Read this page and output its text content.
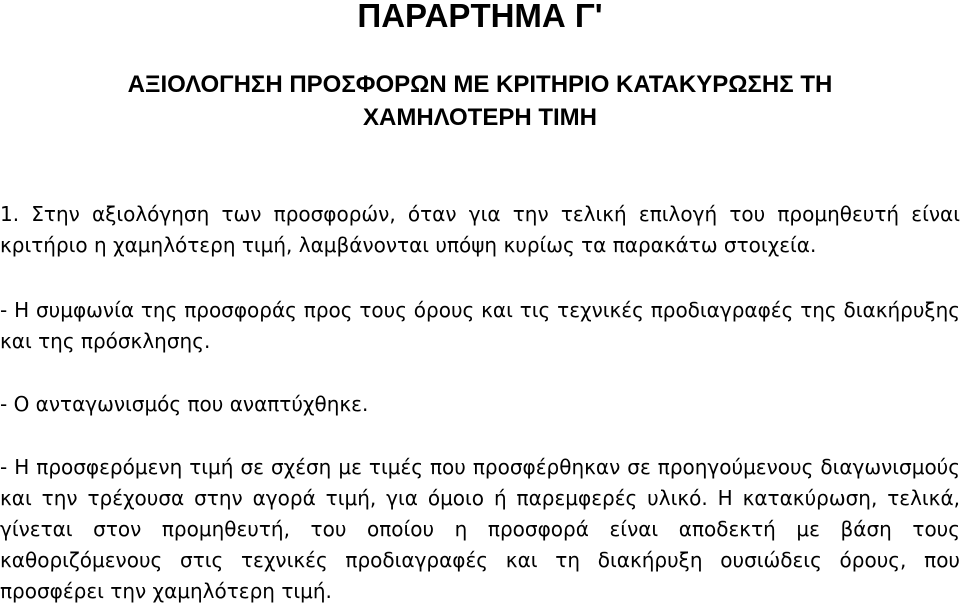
ΠΑΡΑΡΤΗΜΑ Γ'
ΑΞΙΟΛΟΓΗΣΗ ΠΡΟΣΦΟΡΩΝ ΜΕ ΚΡΙΤΗΡΙΟ ΚΑΤΑΚΥΡΩΣΗΣ ΤΗ
ΧΑΜΗΛΟΤΕΡΗ ΤΙΜΗ

1. Στην αξιολόγηση των προσφορών, όταν για την τελική επιλογή του προμηθευτή είναι κριτήριο η χαμηλότερη τιμή, λαμβάνονται υπόψη κυρίως τα παρακάτω στοιχεία.

- Η συμφωνία της προσφοράς προς τους όρους και τις τεχνικές προδιαγραφές της διακήρυξης και της πρόσκλησης.

- Ο ανταγωνισμός που αναπτύχθηκε.

- Η προσφερόμενη τιμή σε σχέση με τιμές που προσφέρθηκαν σε προηγούμενους διαγωνισμούς και την τρέχουσα στην αγορά τιμή, για όμοιο ή παρεμφερές υλικό. Η κατακύρωση, τελικά, γίνεται στον προμηθευτή, του οποίου η προσφορά είναι αποδεκτή με βάση τους καθοριζόμενους στις τεχνικές προδιαγραφές και τη διακήρυξη ουσιώδεις όρους, που προσφέρει την χαμηλότερη τιμή.
